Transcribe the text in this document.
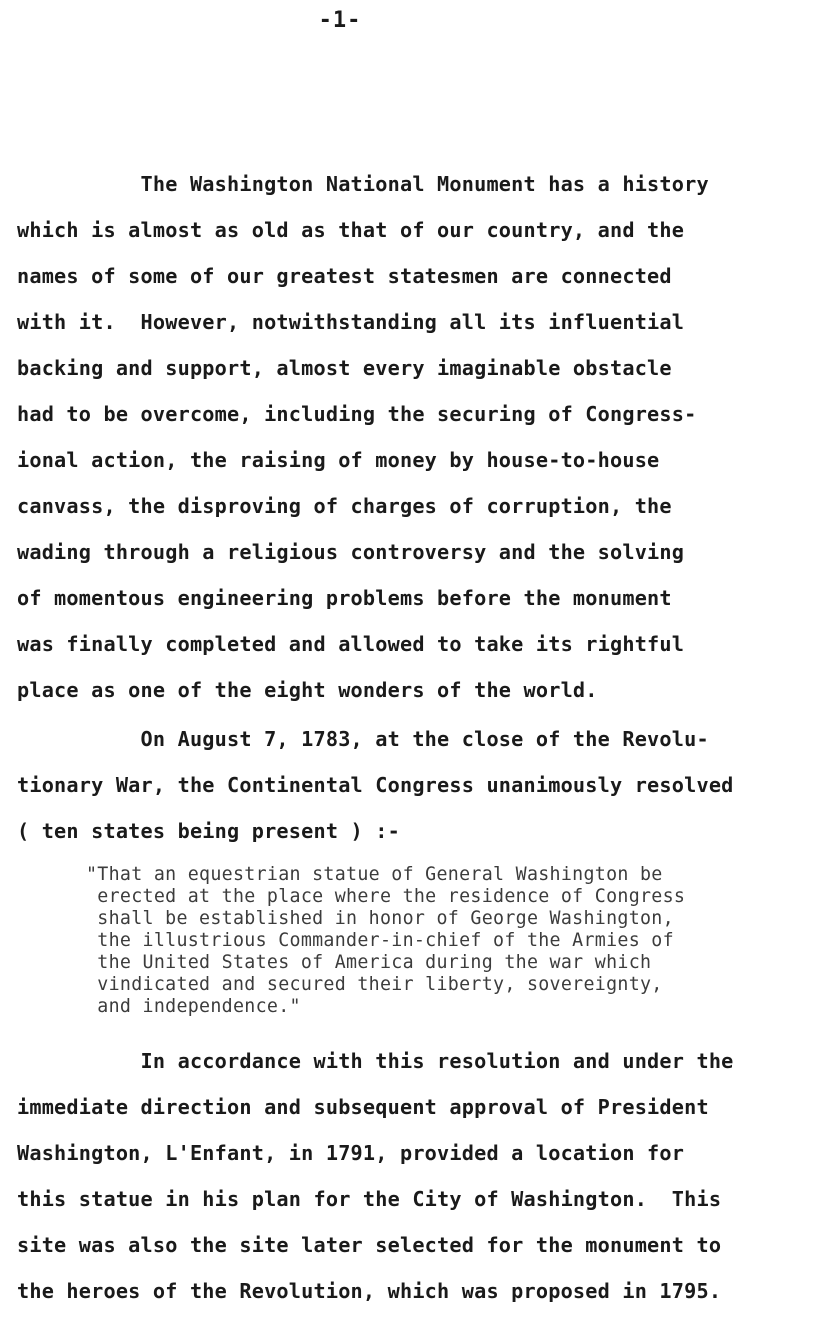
-1-
The Washington National Monument has a history
which is almost as old as that of our country, and the
names of some of our greatest statesmen are connected
with it.  However, notwithstanding all its influential
backing and support, almost every imaginable obstacle
had to be overcome, including the securing of Congress-
ional action, the raising of money by house-to-house
canvass, the disproving of charges of corruption, the
wading through a religious controversy and the solving
of momentous engineering problems before the monument
was finally completed and allowed to take its rightful
place as one of the eight wonders of the world.
On August 7, 1783, at the close of the Revolu-
tionary War, the Continental Congress unanimously resolved
( ten states being present ) :-
"That an equestrian statue of General Washington be
erected at the place where the residence of Congress
shall be established in honor of George Washington,
the illustrious Commander-in-chief of the Armies of
the United States of America during the war which
vindicated and secured their liberty, sovereignty,
and independence."
In accordance with this resolution and under the
immediate direction and subsequent approval of President
Washington, L'Enfant, in 1791, provided a location for
this statue in his plan for the City of Washington.  This
site was also the site later selected for the monument to
the heroes of the Revolution, which was proposed in 1795.
